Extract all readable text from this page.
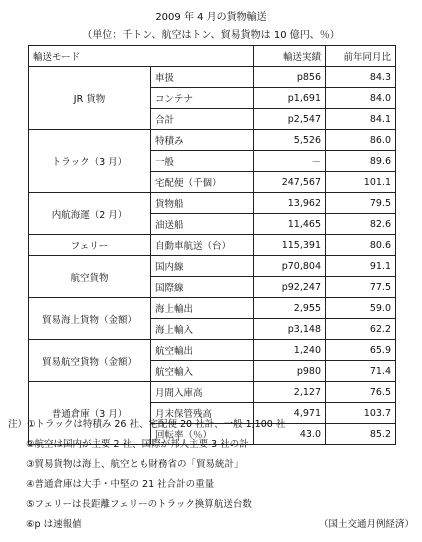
2009 年 4 月の貨物輸送
（単位：千トン、航空はトン、貿易貨物は 10 億円、％）
輸送モード		輸送実績	前年同月比
JR 貨物	車扱	p856	84.3
	コンテナ	p1,691	84.0
	合計	p2,547	84.1
トラック（3 月）	特積み	5,526	86.0
	一般	－	89.6
	宅配便（千個）	247,567	101.1
内航海運（2 月）	貨物船	13,962	79.5
	油送船	11,465	82.6
フェリー	自動車航送（台）	115,391	80.6
航空貨物	国内線	p70,804	91.1
	国際線	p92,247	77.5
貿易海上貨物（金額）	海上輸出	2,955	59.0
	海上輸入	p3,148	62.2
貿易航空貨物（金額）	航空輸出	1,240	65.9
	航空輸入	p980	71.4
普通倉庫（3 月）	月間入庫高	2,127	76.5
	月末保管残高	4,971	103.7
	回転率（％）	43.0	85.2
注）①トラックは特積み 26 社、宅配便 20 社計、一般 1,100 社
②航空は国内が主要 2 社、国際が邦人主要 3 社の計
③貿易貨物は海上、航空とも財務省の「貿易統計」
④普通倉庫は大手・中堅の 21 社合計の重量
⑤フェリーは長距離フェリーのトラック換算航送台数
⑥p は速報値	（国土交通月例経済）
